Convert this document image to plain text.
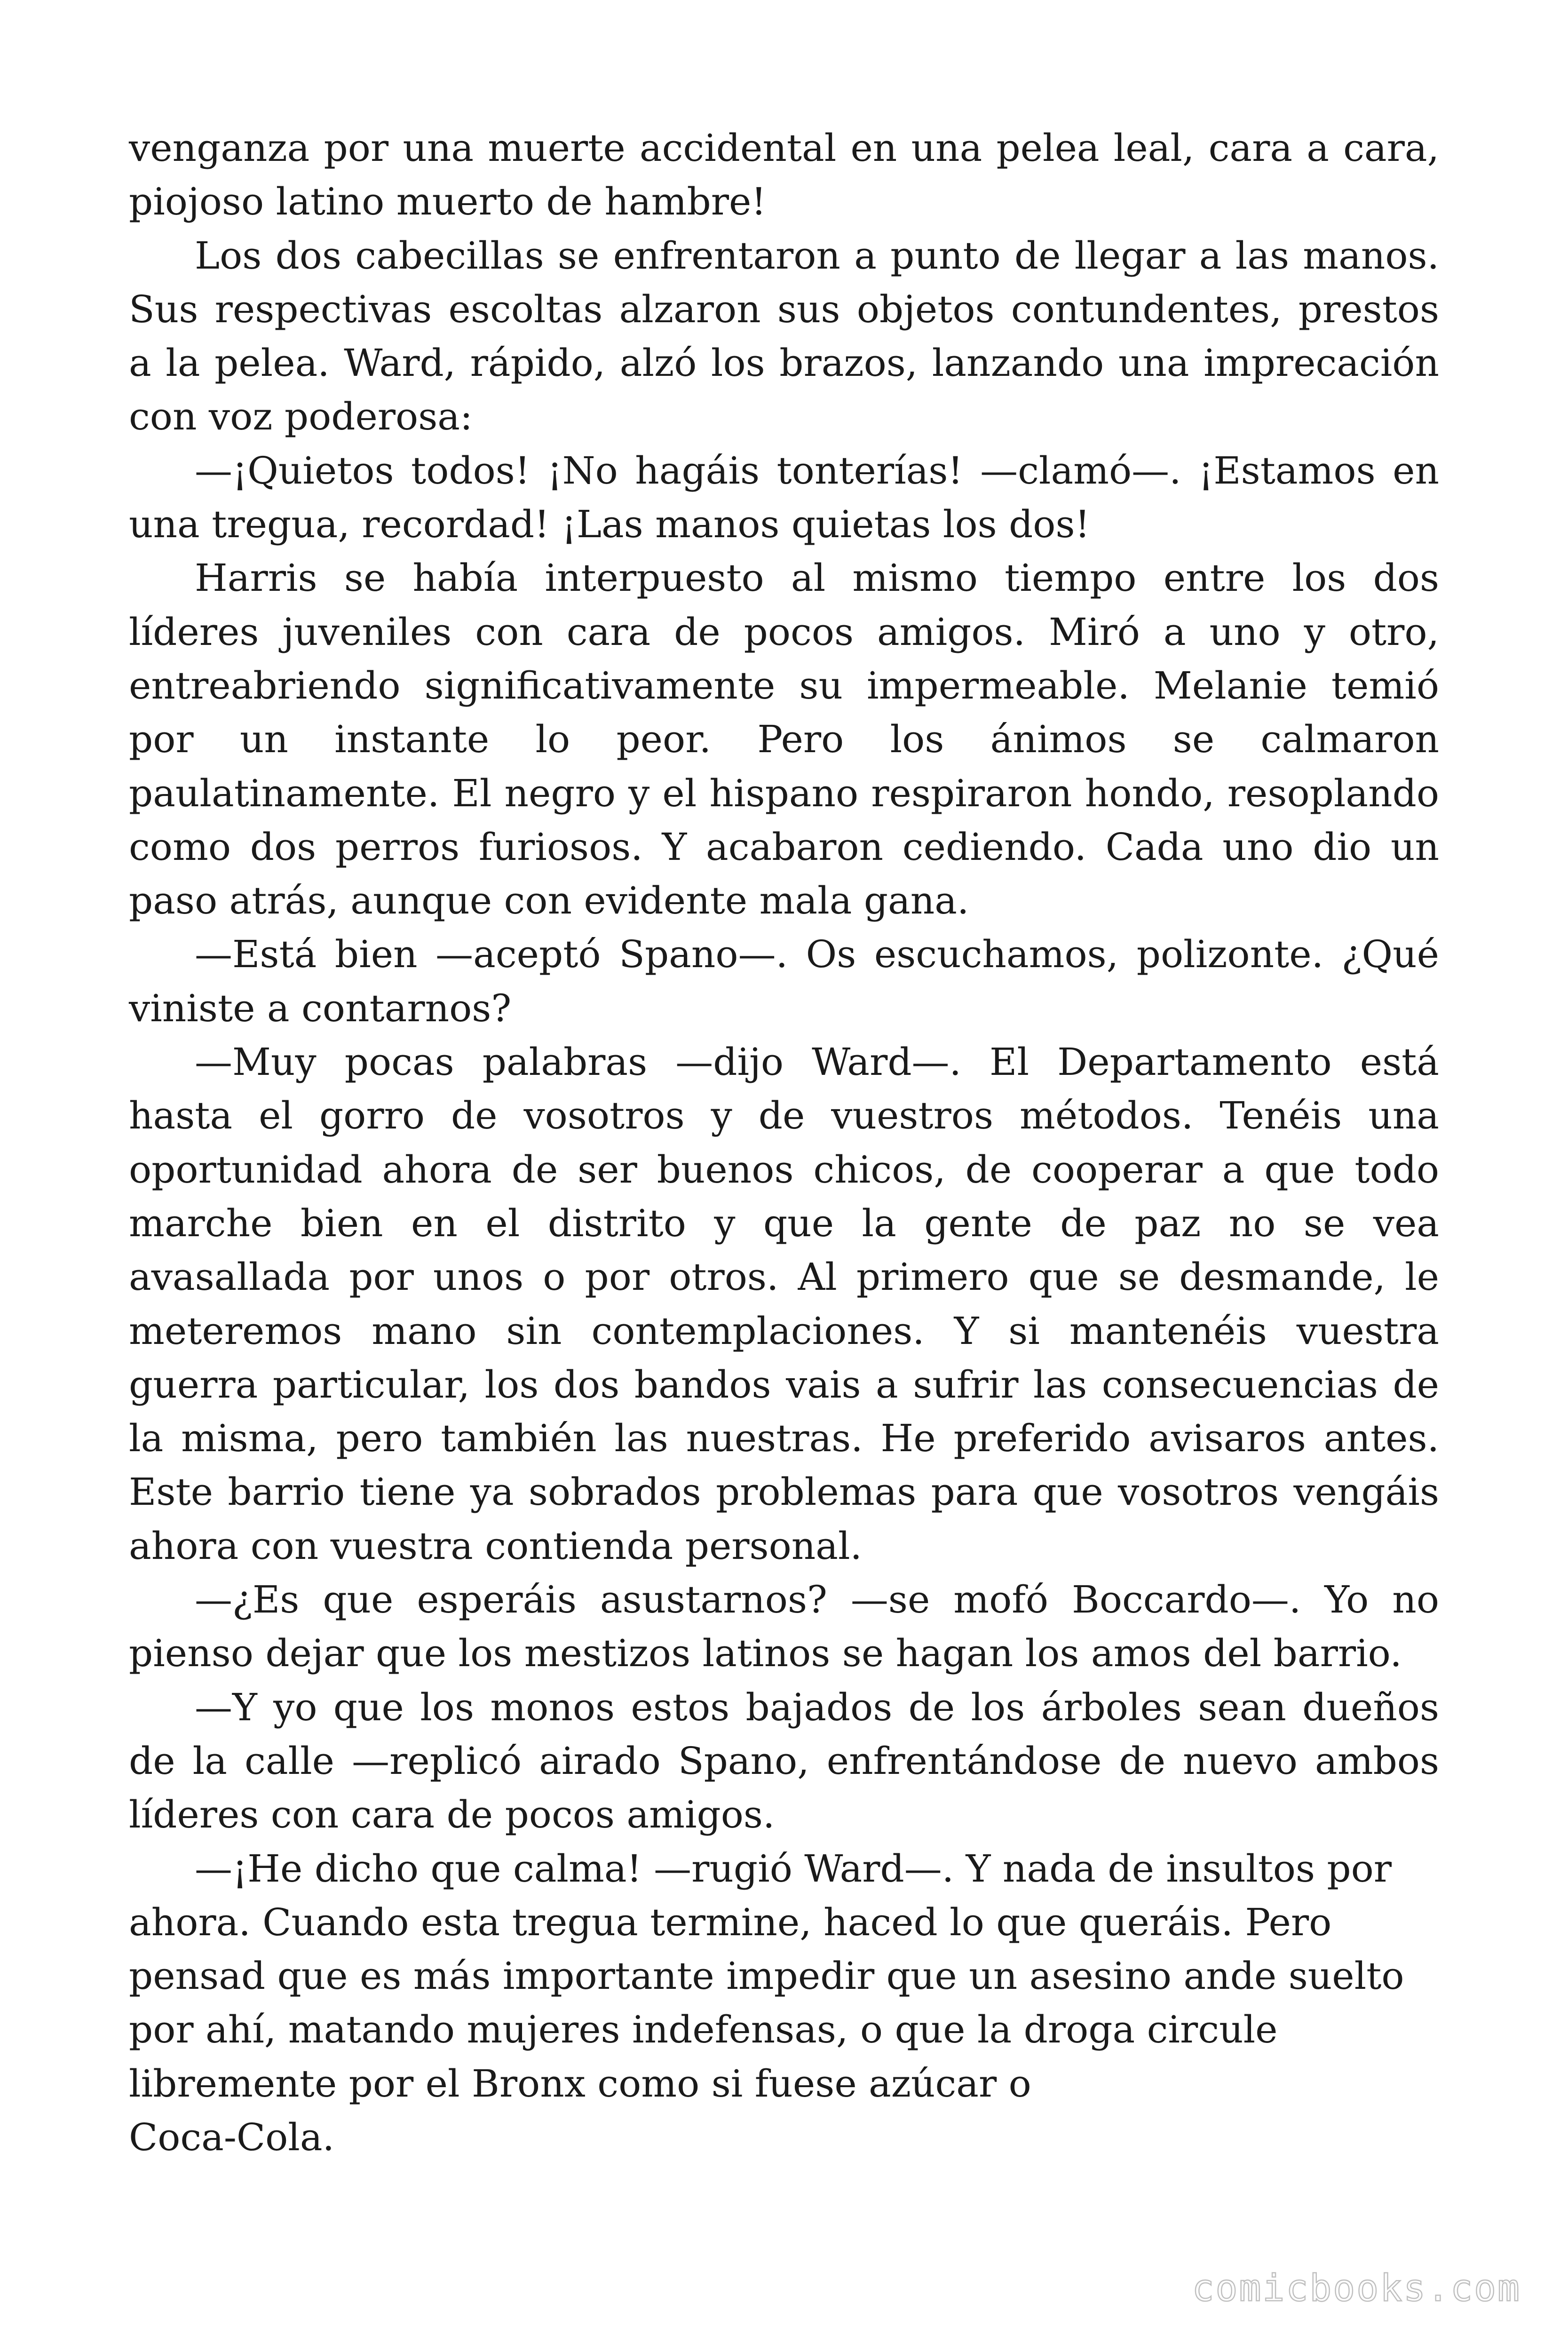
venganza por una muerte accidental en una pelea leal, cara a cara, piojoso latino muerto de hambre!

Los dos cabecillas se enfrentaron a punto de llegar a las manos. Sus respectivas escoltas alzaron sus objetos contundentes, prestos a la pelea. Ward, rápido, alzó los brazos, lanzando una imprecación con voz poderosa:

—¡Quietos todos! ¡No hagáis tonterías! —clamó—. ¡Estamos en una tregua, recordad! ¡Las manos quietas los dos!

Harris se había interpuesto al mismo tiempo entre los dos líderes juveniles con cara de pocos amigos. Miró a uno y otro, entreabriendo significativamente su impermeable. Melanie temió por un instante lo peor. Pero los ánimos se calmaron paulatinamente. El negro y el hispano respiraron hondo, resoplando como dos perros furiosos. Y acabaron cediendo. Cada uno dio un paso atrás, aunque con evidente mala gana.

—Está bien —aceptó Spano—. Os escuchamos, polizonte. ¿Qué viniste a contarnos?

—Muy pocas palabras —dijo Ward—. El Departamento está hasta el gorro de vosotros y de vuestros métodos. Tenéis una oportunidad ahora de ser buenos chicos, de cooperar a que todo marche bien en el distrito y que la gente de paz no se vea avasallada por unos o por otros. Al primero que se desmande, le meteremos mano sin contemplaciones. Y si mantenéis vuestra guerra particular, los dos bandos vais a sufrir las consecuencias de la misma, pero también las nuestras. He preferido avisaros antes. Este barrio tiene ya sobrados problemas para que vosotros vengáis ahora con vuestra contienda personal.

—¿Es que esperáis asustarnos? —se mofó Boccardo—. Yo no pienso dejar que los mestizos latinos se hagan los amos del barrio.

—Y yo que los monos estos bajados de los árboles sean dueños de la calle —replicó airado Spano, enfrentándose de nuevo ambos líderes con cara de pocos amigos.

—¡He dicho que calma! —rugió Ward—. Y nada de insultos por ahora. Cuando esta tregua termine, haced lo que queráis. Pero pensad que es más importante impedir que un asesino ande suelto por ahí, matando mujeres indefensas, o que la droga circule libremente por el Bronx como si fuese azúcar o

Coca-Cola.

comicbooks.com
